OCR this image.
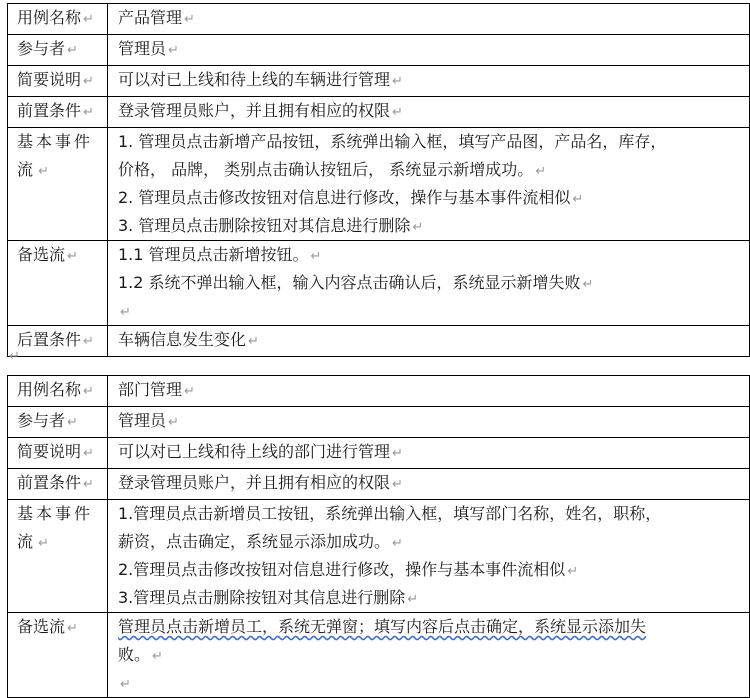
用例名称 ↵	产品管理 ↵

参与者 ↵	管理员 ↵

简要说明 ↵	可以对已上线和待上线的车辆进行管理 ↵

前置条件 ↵	登录管理员账户，并且拥有相应的权限 ↵

基本事件流 ↵	1. 管理员点击新增产品按钮，系统弹出输入框，填写产品图，产品名，库存，
价格， 品牌， 类别点击确认按钮后， 系统显示新增成功。 ↵
2. 管理员点击修改按钮对信息进行修改，操作与基本事件流相似 ↵
3. 管理员点击删除按钮对其信息进行删除 ↵

备选流 ↵	1.1 管理员点击新增按钮。 ↵
1.2 系统不弹出输入框，输入内容点击确认后，系统显示新增失败 ↵
↵

后置条件 ↵	车辆信息发生变化 ↵
↵
用例名称 ↵	部门管理 ↵

参与者 ↵	管理员 ↵

简要说明 ↵	可以对已上线和待上线的部门进行管理 ↵

前置条件 ↵	登录管理员账户，并且拥有相应的权限 ↵

基本事件流 ↵	1.管理员点击新增员工按钮，系统弹出输入框，填写部门名称，姓名，职称，
薪资，点击确定，系统显示添加成功。 ↵
2.管理员点击修改按钮对信息进行修改，操作与基本事件流相似 ↵
3.管理员点击删除按钮对其信息进行删除 ↵

备选流 ↵	管理员点击新增员工，系统无弹窗；填写内容后点击确定，系统显示添加失
败。 ↵
↵
